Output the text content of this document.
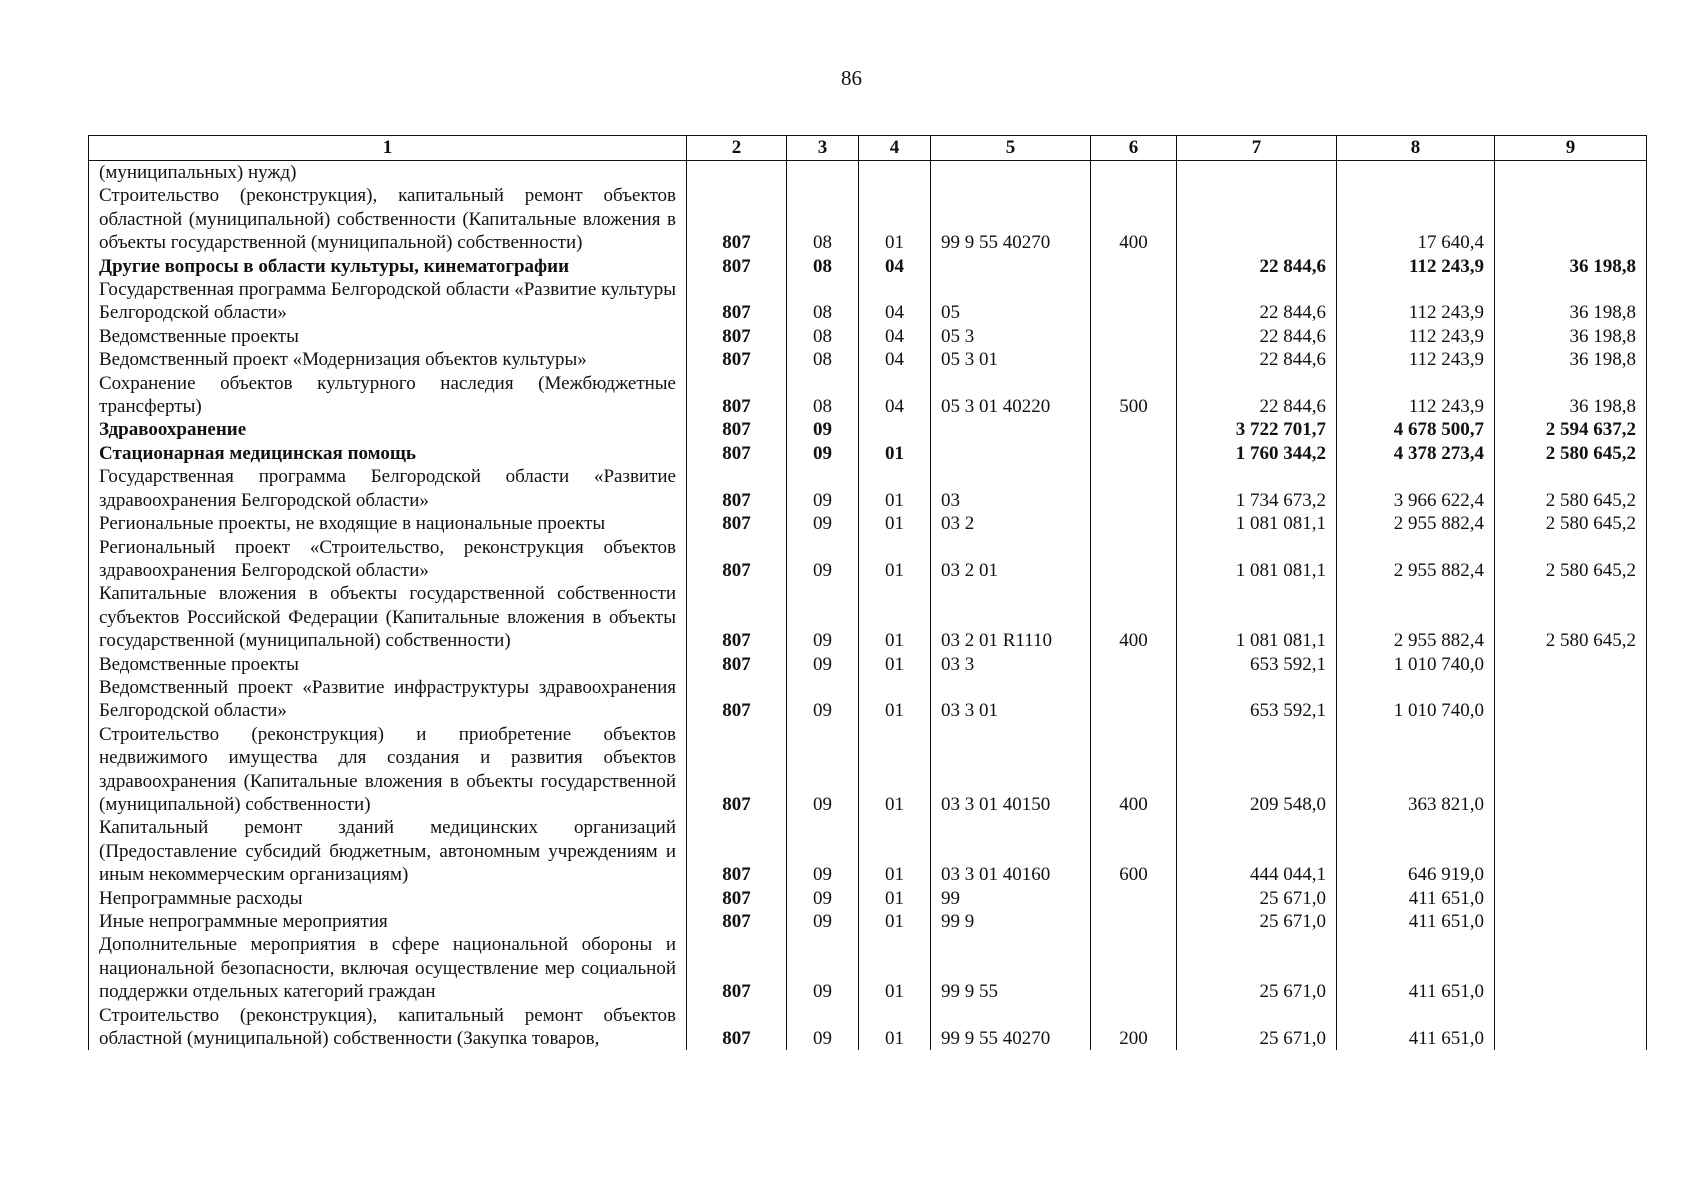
86
1	2	3	4	5	6	7	8	9
(муниципальных) нужд)								
Строительство (реконструкция), капитальный ремонт объектов областной (муниципальной) собственности (Капитальные вложения в объекты государственной (муниципальной) собственности)	807	08	01	99 9 55 40270	400		17 640,4	
Другие вопросы в области культуры, кинематографии	807	08	04			22 844,6	112 243,9	36 198,8
Государственная программа Белгородской области «Развитие культуры Белгородской области»	807	08	04	05		22 844,6	112 243,9	36 198,8
Ведомственные проекты	807	08	04	05 3		22 844,6	112 243,9	36 198,8
Ведомственный проект «Модернизация объектов культуры»	807	08	04	05 3 01		22 844,6	112 243,9	36 198,8
Сохранение объектов культурного наследия (Межбюджетные трансферты)	807	08	04	05 3 01 40220	500	22 844,6	112 243,9	36 198,8
Здравоохранение	807	09				3 722 701,7	4 678 500,7	2 594 637,2
Стационарная медицинская помощь	807	09	01			1 760 344,2	4 378 273,4	2 580 645,2
Государственная программа Белгородской области «Развитие здравоохранения Белгородской области»	807	09	01	03		1 734 673,2	3 966 622,4	2 580 645,2
Региональные проекты, не входящие в национальные проекты	807	09	01	03 2		1 081 081,1	2 955 882,4	2 580 645,2
Региональный проект «Строительство, реконструкция объектов здравоохранения Белгородской области»	807	09	01	03 2 01		1 081 081,1	2 955 882,4	2 580 645,2
Капитальные вложения в объекты государственной собственности субъектов Российской Федерации (Капитальные вложения в объекты государственной (муниципальной) собственности)	807	09	01	03 2 01 R1110	400	1 081 081,1	2 955 882,4	2 580 645,2
Ведомственные проекты	807	09	01	03 3		653 592,1	1 010 740,0	
Ведомственный проект «Развитие инфраструктуры здравоохранения Белгородской области»	807	09	01	03 3 01		653 592,1	1 010 740,0	
Строительство (реконструкция) и приобретение объектов недвижимого имущества для создания и развития объектов здравоохранения (Капитальные вложения в объекты государственной (муниципальной) собственности)	807	09	01	03 3 01 40150	400	209 548,0	363 821,0	
Капитальный ремонт зданий медицинских организаций (Предоставление субсидий бюджетным, автономным учреждениям и иным некоммерческим организациям)	807	09	01	03 3 01 40160	600	444 044,1	646 919,0	
Непрограммные расходы	807	09	01	99		25 671,0	411 651,0	
Иные непрограммные мероприятия	807	09	01	99 9		25 671,0	411 651,0	
Дополнительные мероприятия в сфере национальной обороны и национальной безопасности, включая осуществление мер социальной поддержки отдельных категорий граждан	807	09	01	99 9 55		25 671,0	411 651,0	
Строительство (реконструкция), капитальный ремонт объектов областной (муниципальной) собственности (Закупка товаров,	807	09	01	99 9 55 40270	200	25 671,0	411 651,0	
